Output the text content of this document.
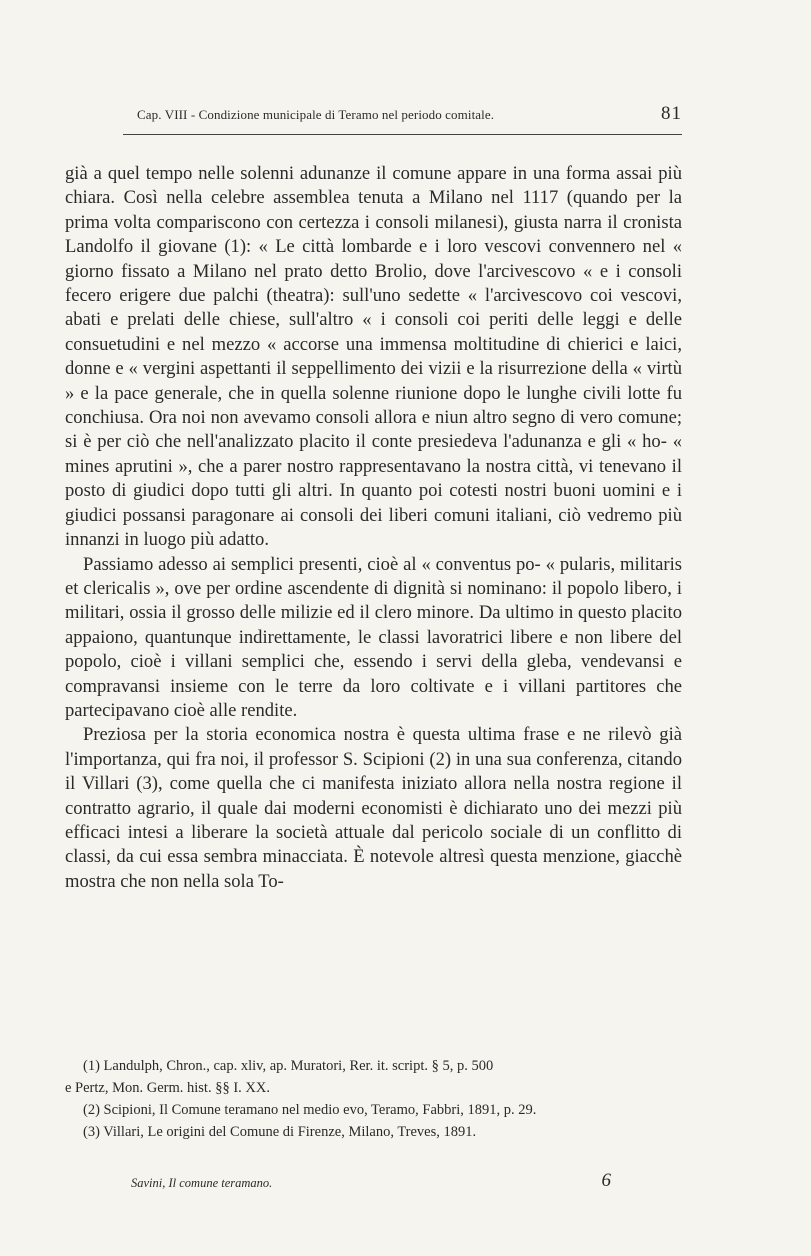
Cap. VIII - Condizione municipale di Teramo nel periodo comitale.	81

già a quel tempo nelle solenni adunanze il comune appare in una forma assai più chiara. Così nella celebre assemblea tenuta a Milano nel 1117 (quando per la prima volta compariscono con certezza i consoli milanesi), giusta narra il cronista Landolfo il giovane (1): « Le città lombarde e i loro vescovi convennero nel « giorno fissato a Milano nel prato detto Brolio, dove l'arcivescovo « e i consoli fecero erigere due palchi (theatra): sull'uno sedette « l'arcivescovo coi vescovi, abati e prelati delle chiese, sull'altro « i consoli coi periti delle leggi e delle consuetudini e nel mezzo « accorse una immensa moltitudine di chierici e laici, donne e « vergini aspettanti il seppellimento dei vizii e la risurrezione della « virtù » e la pace generale, che in quella solenne riunione dopo le lunghe civili lotte fu conchiusa. Ora noi non avevamo consoli allora e niun altro segno di vero comune; si è per ciò che nell'analizzato placito il conte presiedeva l'adunanza e gli « ho- « mines aprutini », che a parer nostro rappresentavano la nostra città, vi tenevano il posto di giudici dopo tutti gli altri. In quanto poi cotesti nostri buoni uomini e i giudici possansi paragonare ai consoli dei liberi comuni italiani, ciò vedremo più innanzi in luogo più adatto.

Passiamo adesso ai semplici presenti, cioè al « conventus po- « pularis, militaris et clericalis », ove per ordine ascendente di dignità si nominano: il popolo libero, i militari, ossia il grosso delle milizie ed il clero minore. Da ultimo in questo placito appaiono, quantunque indirettamente, le classi lavoratrici libere e non libere del popolo, cioè i villani semplici che, essendo i servi della gleba, vendevansi e compravansi insieme con le terre da loro coltivate e i villani partitores che partecipavano cioè alle rendite.

Preziosa per la storia economica nostra è questa ultima frase e ne rilevò già l'importanza, qui fra noi, il professor S. Scipioni (2) in una sua conferenza, citando il Villari (3), come quella che ci manifesta iniziato allora nella nostra regione il contratto agrario, il quale dai moderni economisti è dichiarato uno dei mezzi più efficaci intesi a liberare la società attuale dal pericolo sociale di un conflitto di classi, da cui essa sembra minacciata. È notevole altresì questa menzione, giacchè mostra che non nella sola To-

(1) Landulph, Chron., cap. xliv, ap. Muratori, Rer. it. script. § 5, p. 500
e Pertz, Mon. Germ. hist. §§ I. XX.
(2) Scipioni, Il Comune teramano nel medio evo, Teramo, Fabbri, 1891, p. 29.
(3) Villari, Le origini del Comune di Firenze, Milano, Treves, 1891.
Savini, Il comune teramano.	6
